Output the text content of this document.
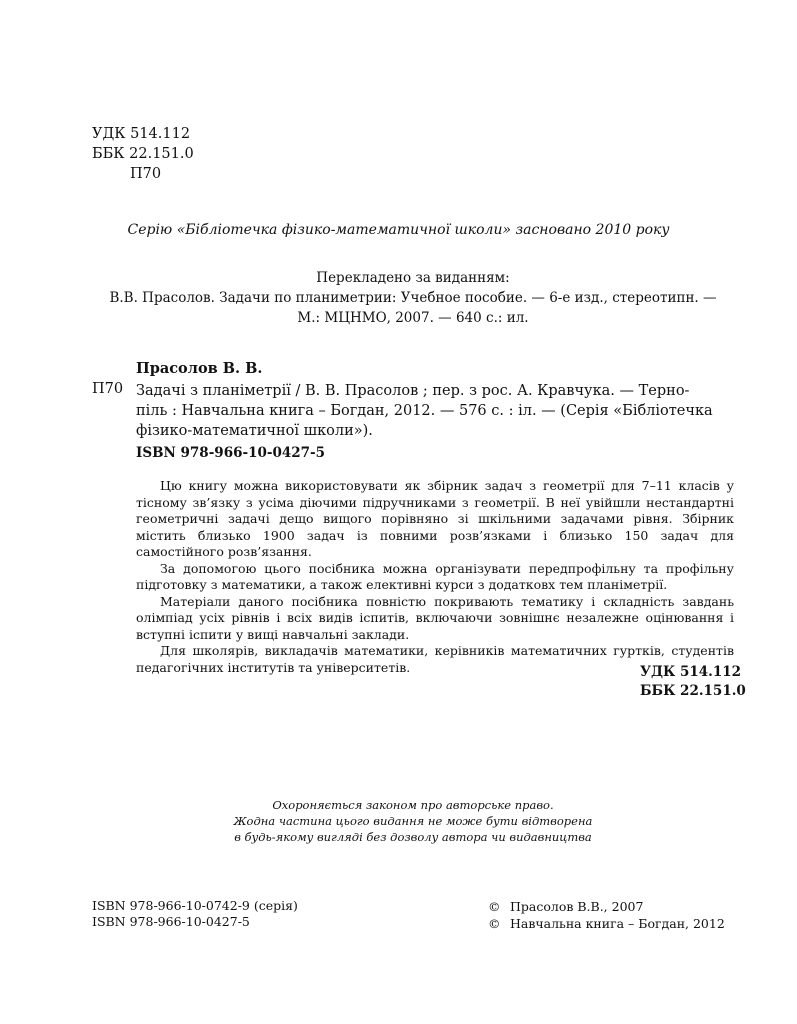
УДК 514.112
ББК 22.151.0
П70
Серію «Бібліотечка фізико-математичної школи» засновано 2010 року
Перекладено за виданням:
В.В. Прасолов. Задачи по планиметрии: Учебное пособие. — 6-е изд., стереотипн. —
М.: МЦНМО, 2007. — 640 с.: ил.
Прасолов В. В.
П70 Задачі з планіметрії / В. В. Прасолов ; пер. з рос. А. Кравчука. — Терно-
піль : Навчальна книга – Богдан, 2012. — 576 с. : іл. — (Серія «Бібліотечка
фізико-математичної школи»).
ISBN 978-966-10-0427-5

Цю книгу можна використовувати як збірник задач з геометрії для 7–11 класів у тісному зв’язку з усіма діючими підручниками з геометрії. В неї увійшли нестандартні геометричні задачі дещо вищого порівняно зі шкільними задачами рівня. Збірник містить близько 1900 задач із повними розв’язками і близько 150 задач для самостійного розв’язання.

За допомогою цього посібника можна організувати передпрофільну та профільну підготовку з математики, а також елективні курси з додатковх тем планіметрії.

Матеріали даного посібника повністю покривають тематику і складність завдань олімпіад усіх рівнів і всіх видів іспитів, включаючи зовнішнє незалежне оцінювання і вступні іспити у вищі навчальні заклади.

Для школярів, викладачів математики, керівників математичних гуртків, студентів педагогічних інститутів та університетів.	УДК 514.112
ББК 22.151.0
Охороняється законом про авторське право.
Жодна частина цього видання не може бути відтворена
в будь-якому вигляді без дозволу автора чи видавництва
ISBN 978-966-10-0742-9 (серія)
ISBN 978-966-10-0427-5
© Прасолов В.В., 2007
© Навчальна книга – Богдан, 2012
